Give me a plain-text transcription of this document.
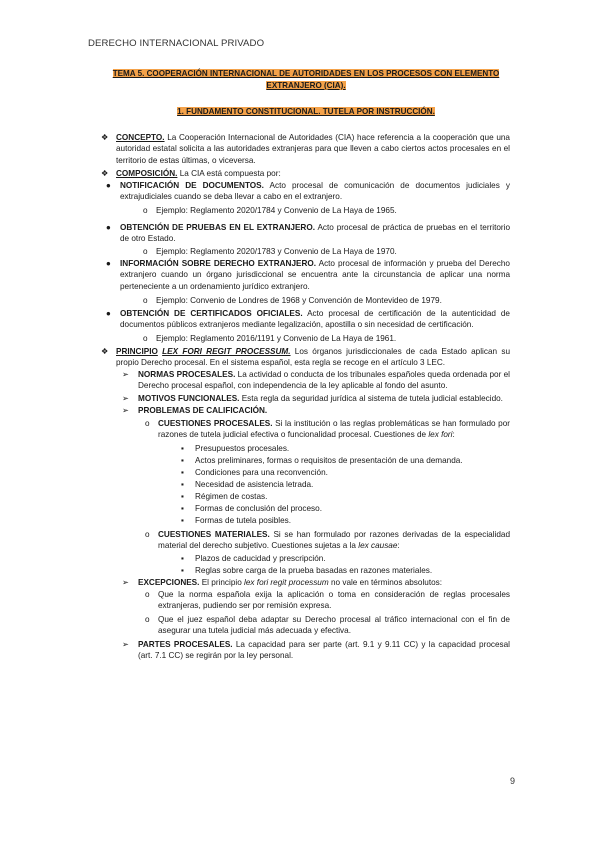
DERECHO INTERNACIONAL PRIVADO
TEMA 5. COOPERACIÓN INTERNACIONAL DE AUTORIDADES EN LOS PROCESOS CON ELEMENTO EXTRANJERO (CIA).
1. FUNDAMENTO CONSTITUCIONAL. TUTELA POR INSTRUCCIÓN.
❖ CONCEPTO. La Cooperación Internacional de Autoridades (CIA) hace referencia a la cooperación que una autoridad estatal solicita a las autoridades extranjeras para que lleven a cabo ciertos actos procesales en el territorio de estas últimas, o viceversa.
❖ COMPOSICIÓN. La CIA está compuesta por:
● NOTIFICACIÓN DE DOCUMENTOS. Acto procesal de comunicación de documentos judiciales y extrajudiciales cuando se deba llevar a cabo en el extranjero.
o Ejemplo: Reglamento 2020/1784 y Convenio de La Haya de 1965.
● OBTENCIÓN DE PRUEBAS EN EL EXTRANJERO. Acto procesal de práctica de pruebas en el territorio de otro Estado.
o Ejemplo: Reglamento 2020/1783 y Convenio de La Haya de 1970.
● INFORMACIÓN SOBRE DERECHO EXTRANJERO. Acto procesal de información y prueba del Derecho extranjero cuando un órgano jurisdiccional se encuentra ante la circunstancia de aplicar una norma perteneciente a un ordenamiento jurídico extranjero.
o Ejemplo: Convenio de Londres de 1968 y Convención de Montevideo de 1979.
● OBTENCIÓN DE CERTIFICADOS OFICIALES. Acto procesal de certificación de la autenticidad de documentos públicos extranjeros mediante legalización, apostilla o sin necesidad de certificación.
o Ejemplo: Reglamento 2016/1191 y Convenio de La Haya de 1961.
❖ PRINCIPIO LEX FORI REGIT PROCESSUM. Los órganos jurisdiccionales de cada Estado aplican su propio Derecho procesal. En el sistema español, esta regla se recoge en el artículo 3 LEC.
➢ NORMAS PROCESALES. La actividad o conducta de los tribunales españoles queda ordenada por el Derecho procesal español, con independencia de la ley aplicable al fondo del asunto.
➢ MOTIVOS FUNCIONALES. Esta regla da seguridad jurídica al sistema de tutela judicial establecido.
➢ PROBLEMAS DE CALIFICACIÓN.
o CUESTIONES PROCESALES. Si la institución o las reglas problemáticas se han formulado por razones de tutela judicial efectiva o funcionalidad procesal. Cuestiones de lex fori:
▪ Presupuestos procesales.
▪ Actos preliminares, formas o requisitos de presentación de una demanda.
▪ Condiciones para una reconvención.
▪ Necesidad de asistencia letrada.
▪ Régimen de costas.
▪ Formas de conclusión del proceso.
▪ Formas de tutela posibles.
o CUESTIONES MATERIALES. Si se han formulado por razones derivadas de la especialidad material del derecho subjetivo. Cuestiones sujetas a la lex causae:
▪ Plazos de caducidad y prescripción.
▪ Reglas sobre carga de la prueba basadas en razones materiales.
➢ EXCEPCIONES. El principio lex fori regit processum no vale en términos absolutos:
o Que la norma española exija la aplicación o toma en consideración de reglas procesales extranjeras, pudiendo ser por remisión expresa.
o Que el juez español deba adaptar su Derecho procesal al tráfico internacional con el fin de asegurar una tutela judicial más adecuada y efectiva.
➢ PARTES PROCESALES. La capacidad para ser parte (art. 9.1 y 9.11 CC) y la capacidad procesal (art. 7.1 CC) se regirán por la ley personal.
9
